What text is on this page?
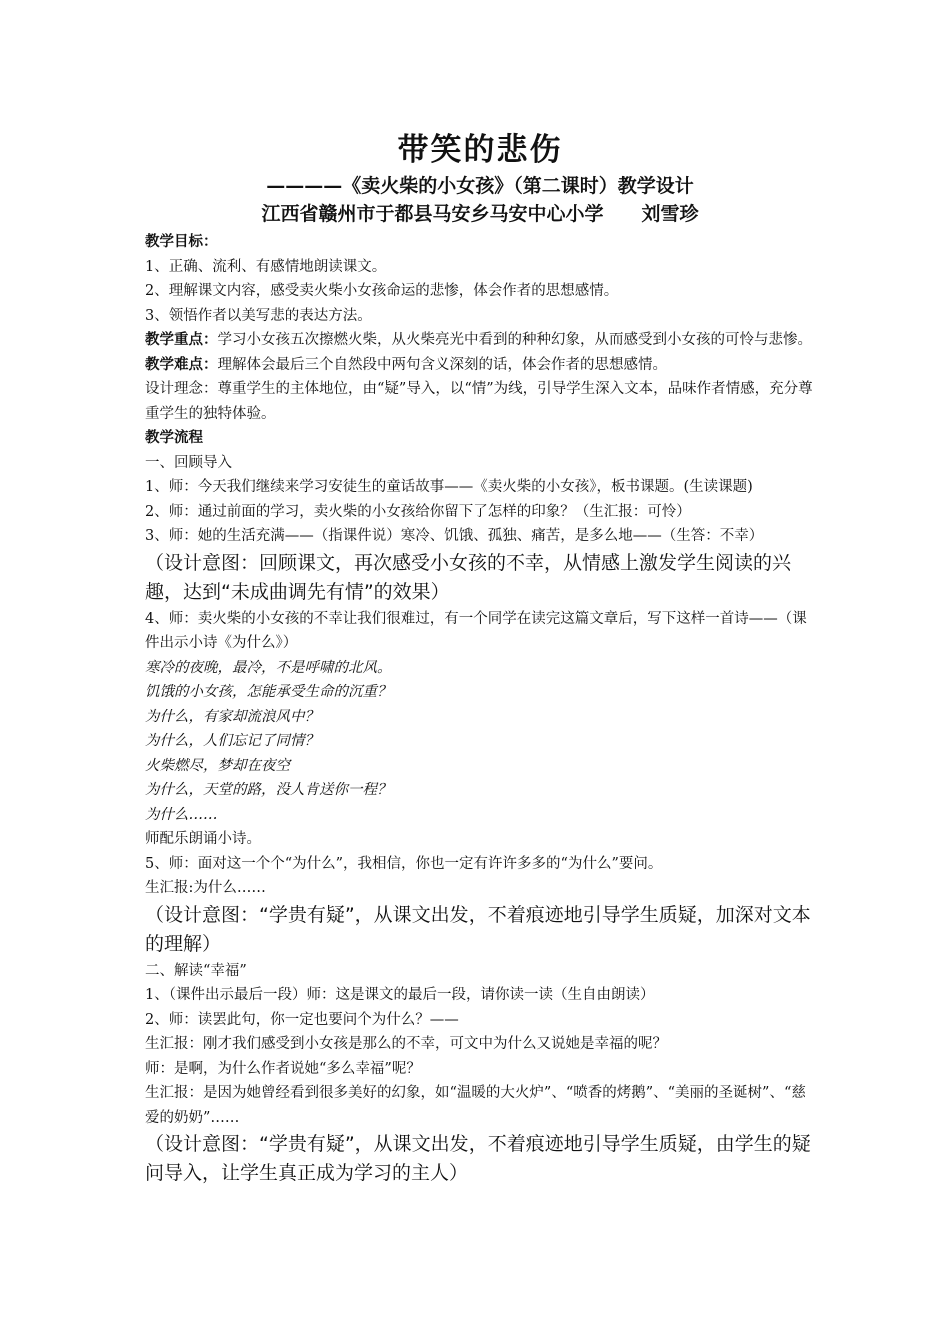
带笑的悲伤
————《卖火柴的小女孩》（第二课时）教学设计
江西省赣州市于都县马安乡马安中心小学　　刘雪珍

教学目标：

1、正确、流利、有感情地朗读课文。

2、理解课文内容，感受卖火柴小女孩命运的悲惨，体会作者的思想感情。

3、领悟作者以美写悲的表达方法。

教学重点：学习小女孩五次擦燃火柴，从火柴亮光中看到的种种幻象，从而感受到小女孩的可怜与悲惨。

教学难点：理解体会最后三个自然段中两句含义深刻的话，体会作者的思想感情。

设计理念：尊重学生的主体地位，由“疑”导入，以“情”为线，引导学生深入文本，品味作者情感，充分尊重学生的独特体验。

教学流程

一、回顾导入

1、师：今天我们继续来学习安徒生的童话故事——《卖火柴的小女孩》，板书课题。(生读课题)

2、师：通过前面的学习，卖火柴的小女孩给你留下了怎样的印象？（生汇报：可怜）

3、师：她的生活充满——（指课件说）寒冷、饥饿、孤独、痛苦，是多么地——（生答：不幸）

（设计意图：回顾课文，再次感受小女孩的不幸，从情感上激发学生阅读的兴趣，达到“未成曲调先有情”的效果）

4、师：卖火柴的小女孩的不幸让我们很难过，有一个同学在读完这篇文章后，写下这样一首诗——（课件出示小诗《为什么》）

寒冷的夜晚，最冷，不是呼啸的北风。

饥饿的小女孩，怎能承受生命的沉重？

为什么，有家却流浪风中？

为什么，人们忘记了同情？

火柴燃尽，梦却在夜空

为什么，天堂的路，没人肯送你一程？

为什么……

师配乐朗诵小诗。

5、师：面对这一个个“为什么”，我相信，你也一定有许许多多的“为什么”要问。

生汇报:为什么……

（设计意图：“学贵有疑”，从课文出发，不着痕迹地引导学生质疑，加深对文本的理解）

二、解读“幸福”

1、（课件出示最后一段）师：这是课文的最后一段，请你读一读（生自由朗读）

2、师：读罢此句，你一定也要问个为什么？——

生汇报：刚才我们感受到小女孩是那么的不幸，可文中为什么又说她是幸福的呢？

师：是啊，为什么作者说她“多么幸福”呢？

生汇报：是因为她曾经看到很多美好的幻象，如“温暖的大火炉”、“喷香的烤鹅”、“美丽的圣诞树”、“慈爱的奶奶”……

（设计意图：“学贵有疑”，从课文出发，不着痕迹地引导学生质疑，由学生的疑问导入，让学生真正成为学习的主人）
